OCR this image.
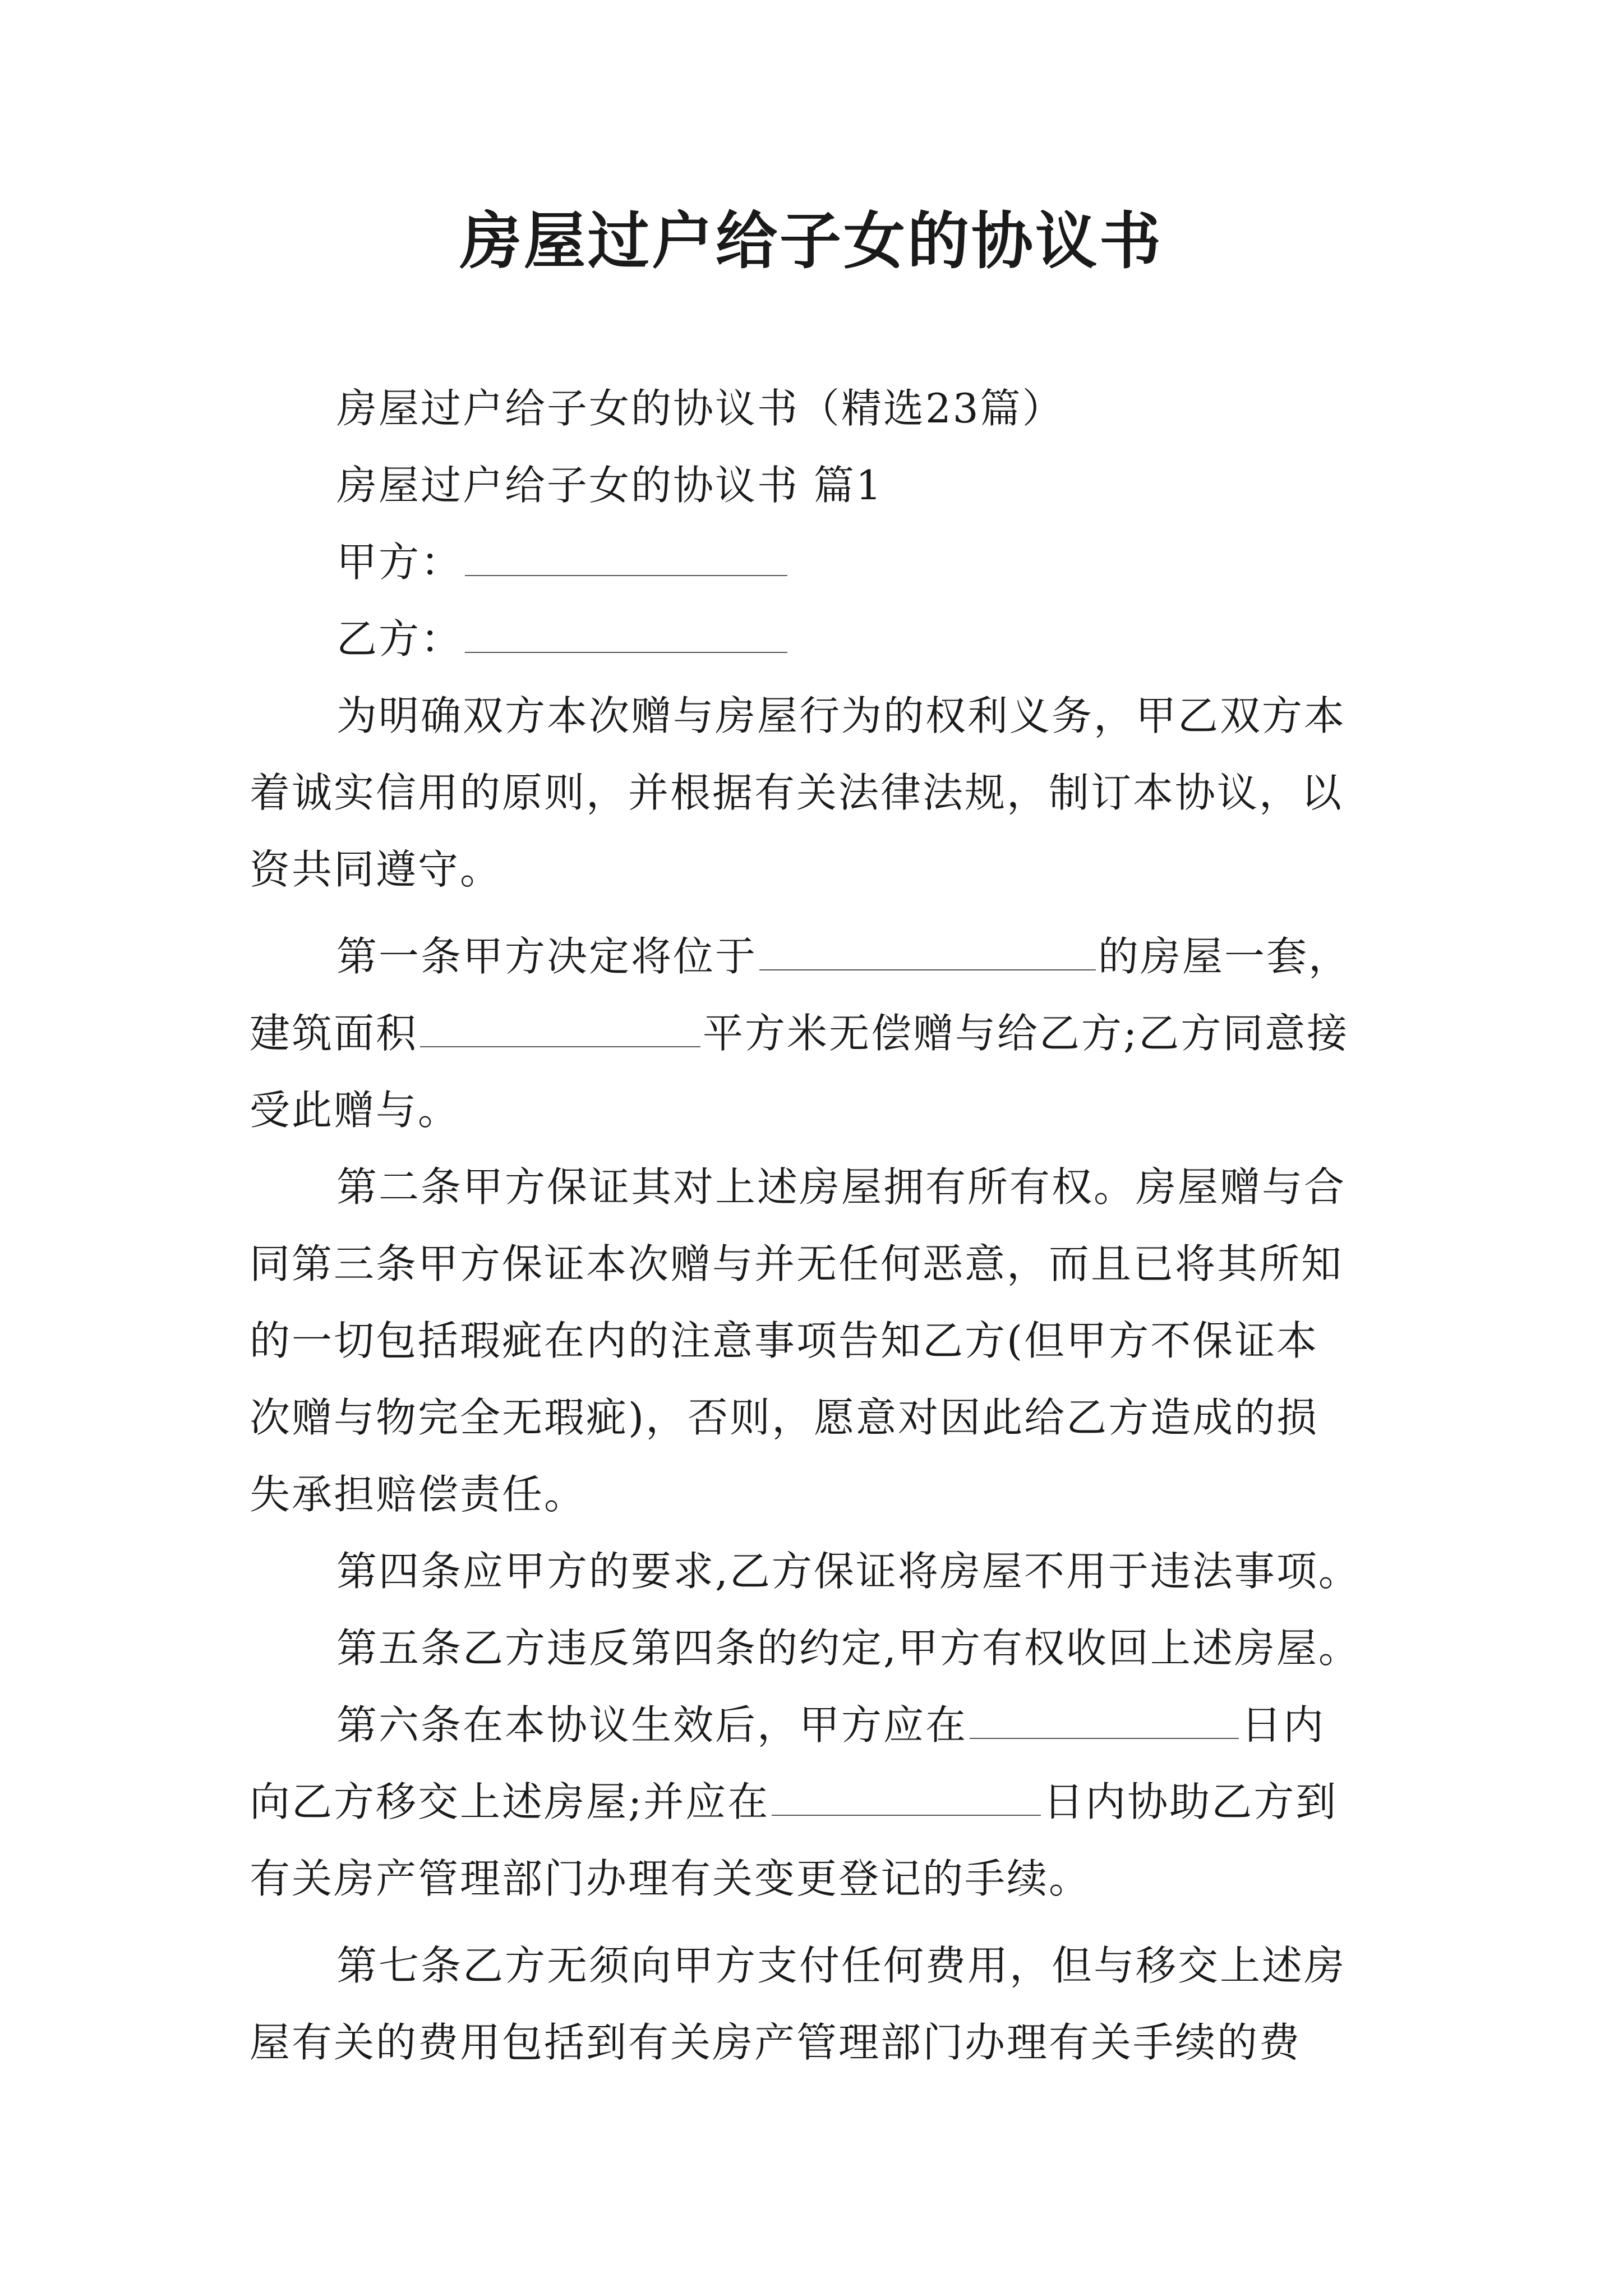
房屋过户给子女的协议书
房屋过户给子女的协议书（精选23篇）
房屋过户给子女的协议书 篇1
甲方：
乙方：
为明确双方本次赠与房屋行为的权利义务，甲乙双方本
着诚实信用的原则，并根据有关法律法规，制订本协议，以
资共同遵守。
第一条甲方决定将位于	的房屋一套，
建筑面积	平方米无偿赠与给乙方;乙方同意接
受此赠与。
第二条甲方保证其对上述房屋拥有所有权。房屋赠与合
同第三条甲方保证本次赠与并无任何恶意，而且已将其所知
的一切包括瑕疵在内的注意事项告知乙方(但甲方不保证本
次赠与物完全无瑕疵)，否则，愿意对因此给乙方造成的损
失承担赔偿责任。
第四条应甲方的要求,乙方保证将房屋不用于违法事项。
第五条乙方违反第四条的约定,甲方有权收回上述房屋。
第六条在本协议生效后，甲方应在	日内
向乙方移交上述房屋;并应在	日内协助乙方到
有关房产管理部门办理有关变更登记的手续。
第七条乙方无须向甲方支付任何费用，但与移交上述房
屋有关的费用包括到有关房产管理部门办理有关手续的费
